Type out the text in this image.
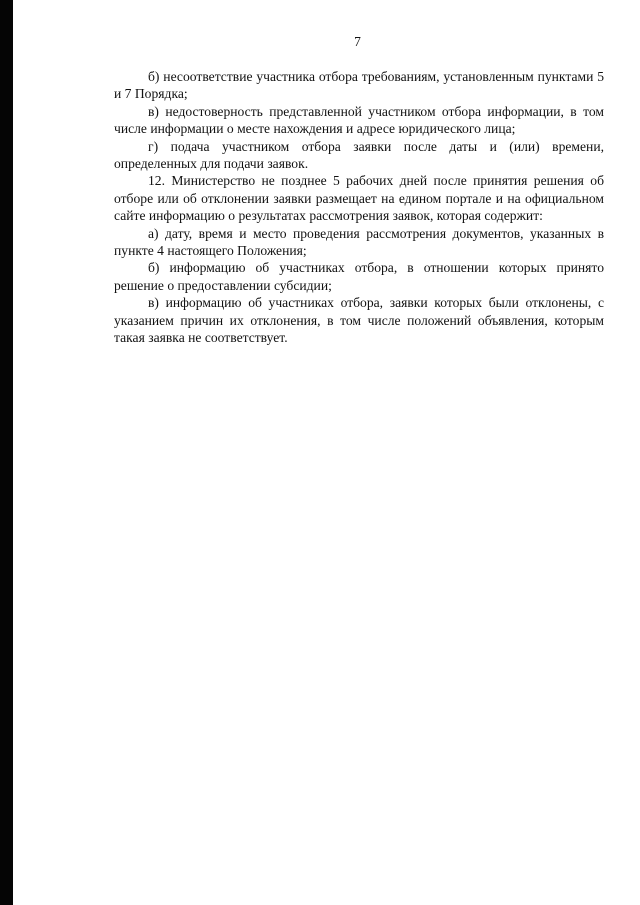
7

б) несоответствие участника отбора требованиям, установленным пунктами 5 и 7 Порядка;

в) недостоверность представленной участником отбора информации, в том числе информации о месте нахождения и адресе юридического лица;

г) подача участником отбора заявки после даты и (или) времени, определенных для подачи заявок.

12. Министерство не позднее 5 рабочих дней после принятия решения об отборе или об отклонении заявки размещает на едином портале и на официальном сайте информацию о результатах рассмотрения заявок, которая содержит:

а) дату, время и место проведения рассмотрения документов, указанных в пункте 4 настоящего Положения;

б) информацию об участниках отбора, в отношении которых принято решение о предоставлении субсидии;

в) информацию об участниках отбора, заявки которых были отклонены, с указанием причин их отклонения, в том числе положений объявления, которым такая заявка не соответствует.
